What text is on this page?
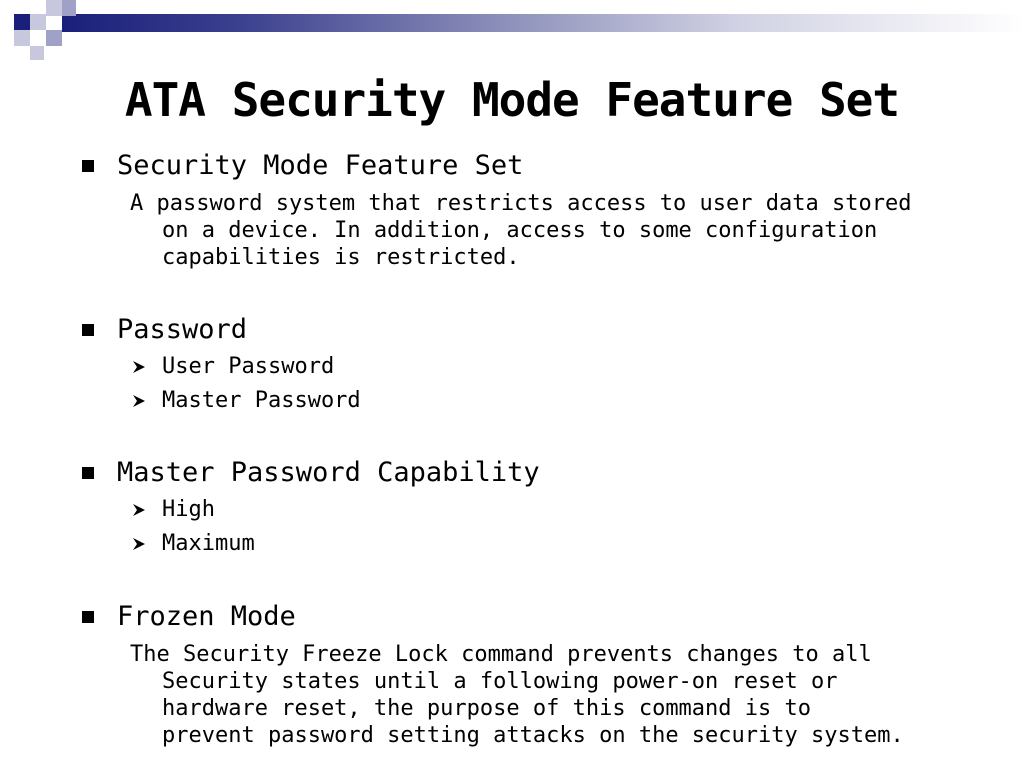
ATA Security Mode Feature Set
Security Mode Feature Set
A password system that restricts access to user data stored
on a device. In addition, access to some configuration
capabilities is restricted.
Password
User Password
Master Password
Master Password Capability
High
Maximum
Frozen Mode
The Security Freeze Lock command prevents changes to all
Security states until a following power-on reset or
hardware reset, the purpose of this command is to
prevent password setting attacks on the security system.
